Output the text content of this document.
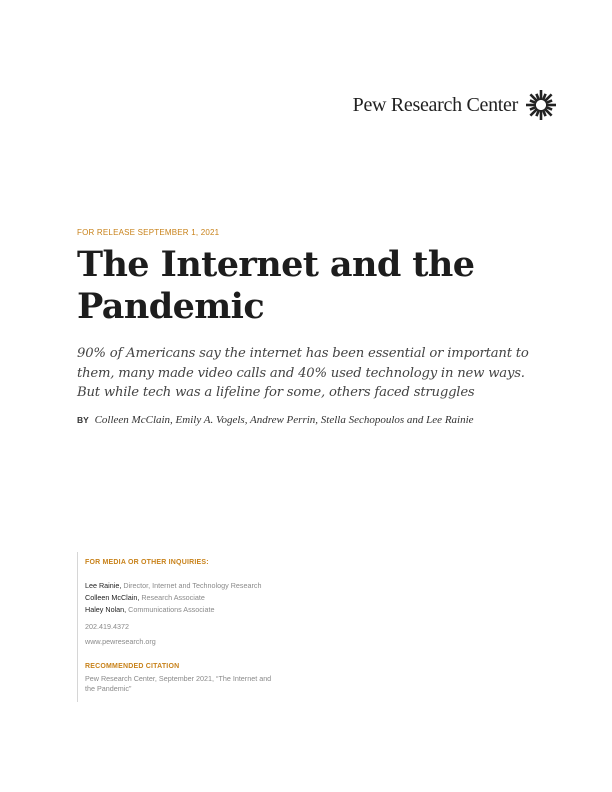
Pew Research Center
FOR RELEASE SEPTEMBER 1, 2021
The Internet and the Pandemic

90% of Americans say the internet has been essential or important to them, many made video calls and 40% used technology in new ways. But while tech was a lifeline for some, others faced struggles

BY Colleen McClain, Emily A. Vogels, Andrew Perrin, Stella Sechopoulos and Lee Rainie
FOR MEDIA OR OTHER INQUIRIES:
Lee Rainie, Director, Internet and Technology Research
Colleen McClain, Research Associate
Haley Nolan, Communications Associate
202.419.4372
www.pewresearch.org
RECOMMENDED CITATION
Pew Research Center, September 2021, “The Internet and the Pandemic”
